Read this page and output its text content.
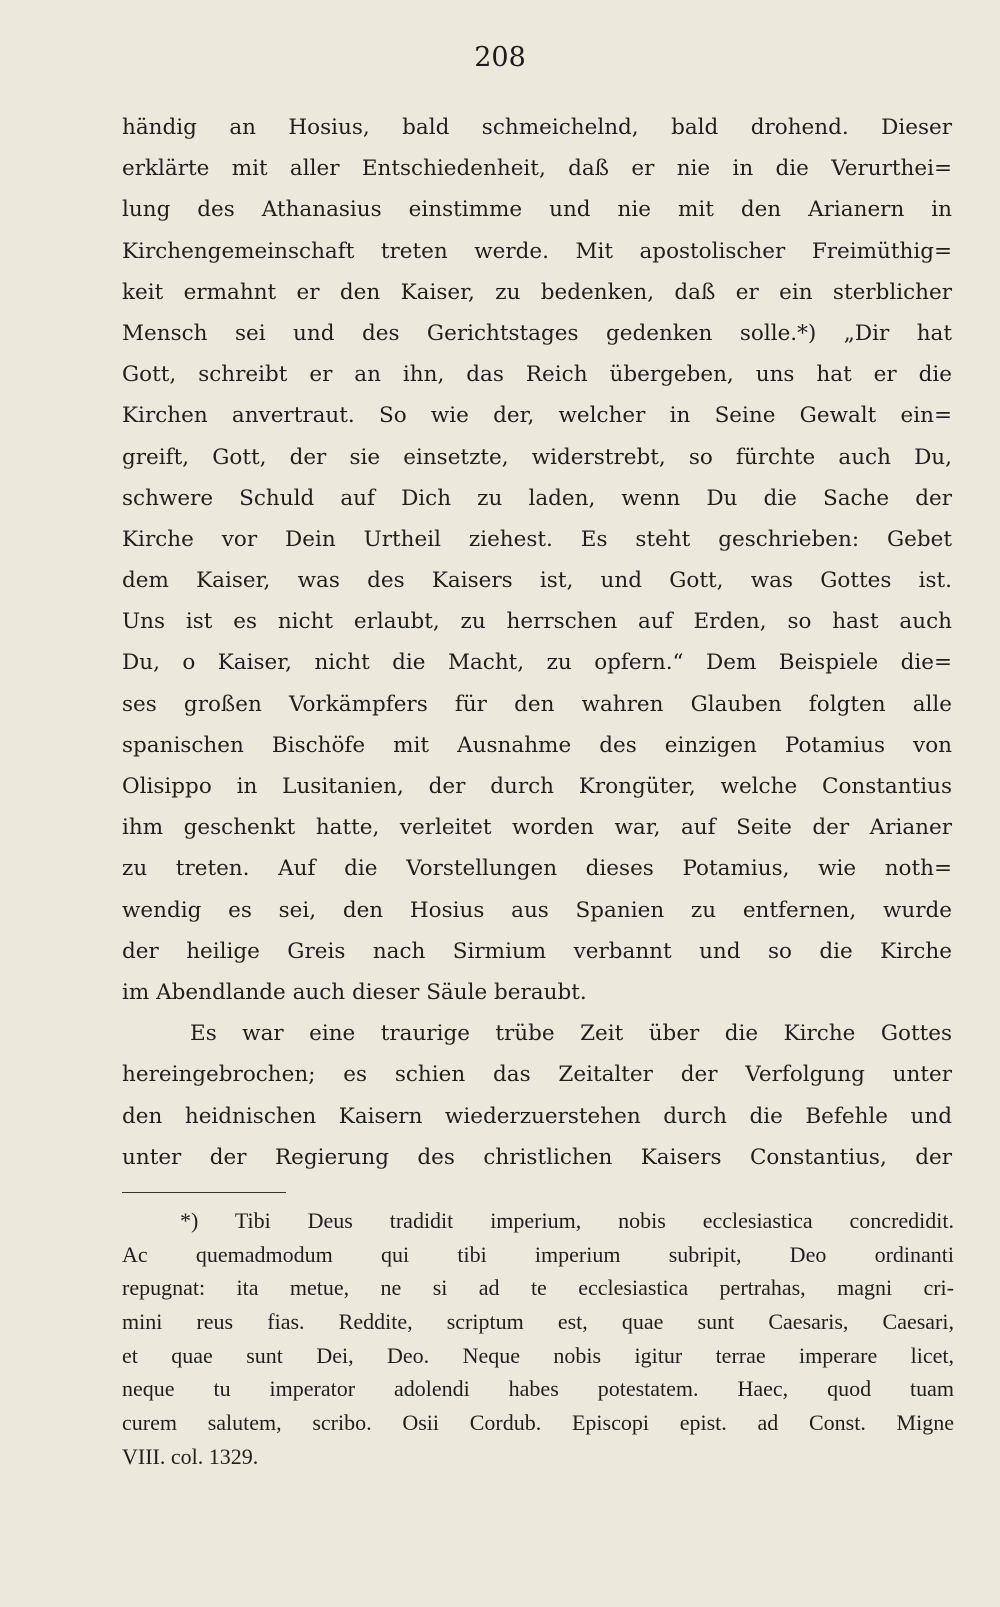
208
händig an Hosius, bald schmeichelnd, bald drohend. Dieser
erklärte mit aller Entschiedenheit, daß er nie in die Verurthei=
lung des Athanasius einstimme und nie mit den Arianern in
Kirchengemeinschaft treten werde. Mit apostolischer Freimüthig=
keit ermahnt er den Kaiser, zu bedenken, daß er ein sterblicher
Mensch sei und des Gerichtstages gedenken solle.*) „Dir hat
Gott, schreibt er an ihn, das Reich übergeben, uns hat er die
Kirchen anvertraut. So wie der, welcher in Seine Gewalt ein=
greift, Gott, der sie einsetzte, widerstrebt, so fürchte auch Du,
schwere Schuld auf Dich zu laden, wenn Du die Sache der
Kirche vor Dein Urtheil ziehest. Es steht geschrieben: Gebet
dem Kaiser, was des Kaisers ist, und Gott, was Gottes ist.
Uns ist es nicht erlaubt, zu herrschen auf Erden, so hast auch
Du, o Kaiser, nicht die Macht, zu opfern.“ Dem Beispiele die=
ses großen Vorkämpfers für den wahren Glauben folgten alle
spanischen Bischöfe mit Ausnahme des einzigen Potamius von
Olisippo in Lusitanien, der durch Krongüter, welche Constantius
ihm geschenkt hatte, verleitet worden war, auf Seite der Arianer
zu treten. Auf die Vorstellungen dieses Potamius, wie noth=
wendig es sei, den Hosius aus Spanien zu entfernen, wurde
der heilige Greis nach Sirmium verbannt und so die Kirche
im Abendlande auch dieser Säule beraubt.
Es war eine traurige trübe Zeit über die Kirche Gottes
hereingebrochen; es schien das Zeitalter der Verfolgung unter
den heidnischen Kaisern wiederzuerstehen durch die Befehle und
unter der Regierung des christlichen Kaisers Constantius, der
*) Tibi Deus tradidit imperium, nobis ecclesiastica concredidit.
Ac quemadmodum qui tibi imperium subripit, Deo ordinanti
repugnat: ita metue, ne si ad te ecclesiastica pertrahas, magni cri-
mini reus fias. Reddite, scriptum est, quae sunt Caesaris, Caesari,
et quae sunt Dei, Deo. Neque nobis igitur terrae imperare licet,
neque tu imperator adolendi habes potestatem. Haec, quod tuam
curem salutem, scribo. Osii Cordub. Episcopi epist. ad Const. Migne
VIII. col. 1329.
